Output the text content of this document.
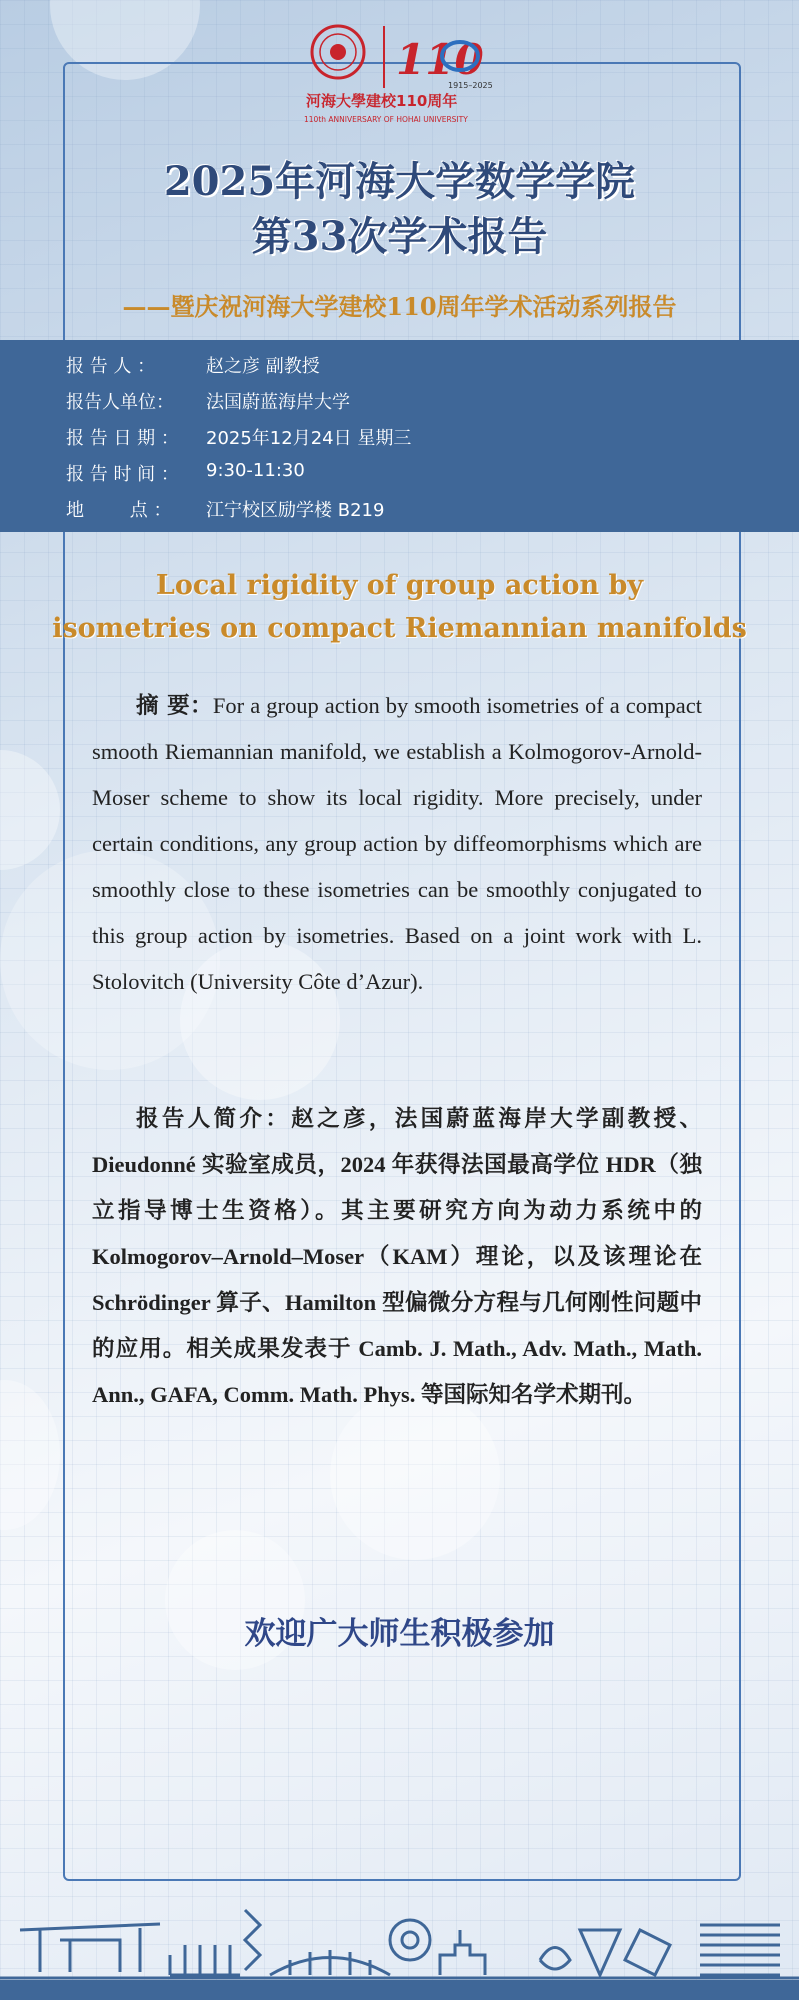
110
1915–2025
河海大學建校110周年
110th ANNIVERSARY OF HOHAI UNIVERSITY
2025年河海大学数学学院
第33次学术报告
——暨庆祝河海大学建校110周年学术活动系列报告
报 告 人 ：	赵之彦 副教授
报告人单位：	法国蔚蓝海岸大学
报 告 日 期 ：	2025年12月24日 星期三
报 告 时 间 ：	9:30-11:30
地        点 ：	江宁校区励学楼 B219
Local rigidity of group action by
isometries on compact Riemannian manifolds
摘 要：For a group action by smooth isometries of a compact smooth Riemannian manifold, we establish a Kolmogorov-Arnold-Moser scheme to show its local rigidity. More precisely, under certain conditions, any group action by diffeomorphisms which are smoothly close to these isometries can be smoothly conjugated to this group action by isometries. Based on a joint work with L. Stolovitch (University Côte d’Azur).
报告人简介：赵之彦，法国蔚蓝海岸大学副教授、Dieudonné 实验室成员，2024 年获得法国最高学位 HDR（独立指导博士生资格）。其主要研究方向为动力系统中的 Kolmogorov–Arnold–Moser（KAM）理论，以及该理论在 Schrödinger 算子、Hamilton 型偏微分方程与几何刚性问题中的应用。相关成果发表于 Camb. J. Math., Adv. Math., Math. Ann., GAFA, Comm. Math. Phys. 等国际知名学术期刊。
欢迎广大师生积极参加
